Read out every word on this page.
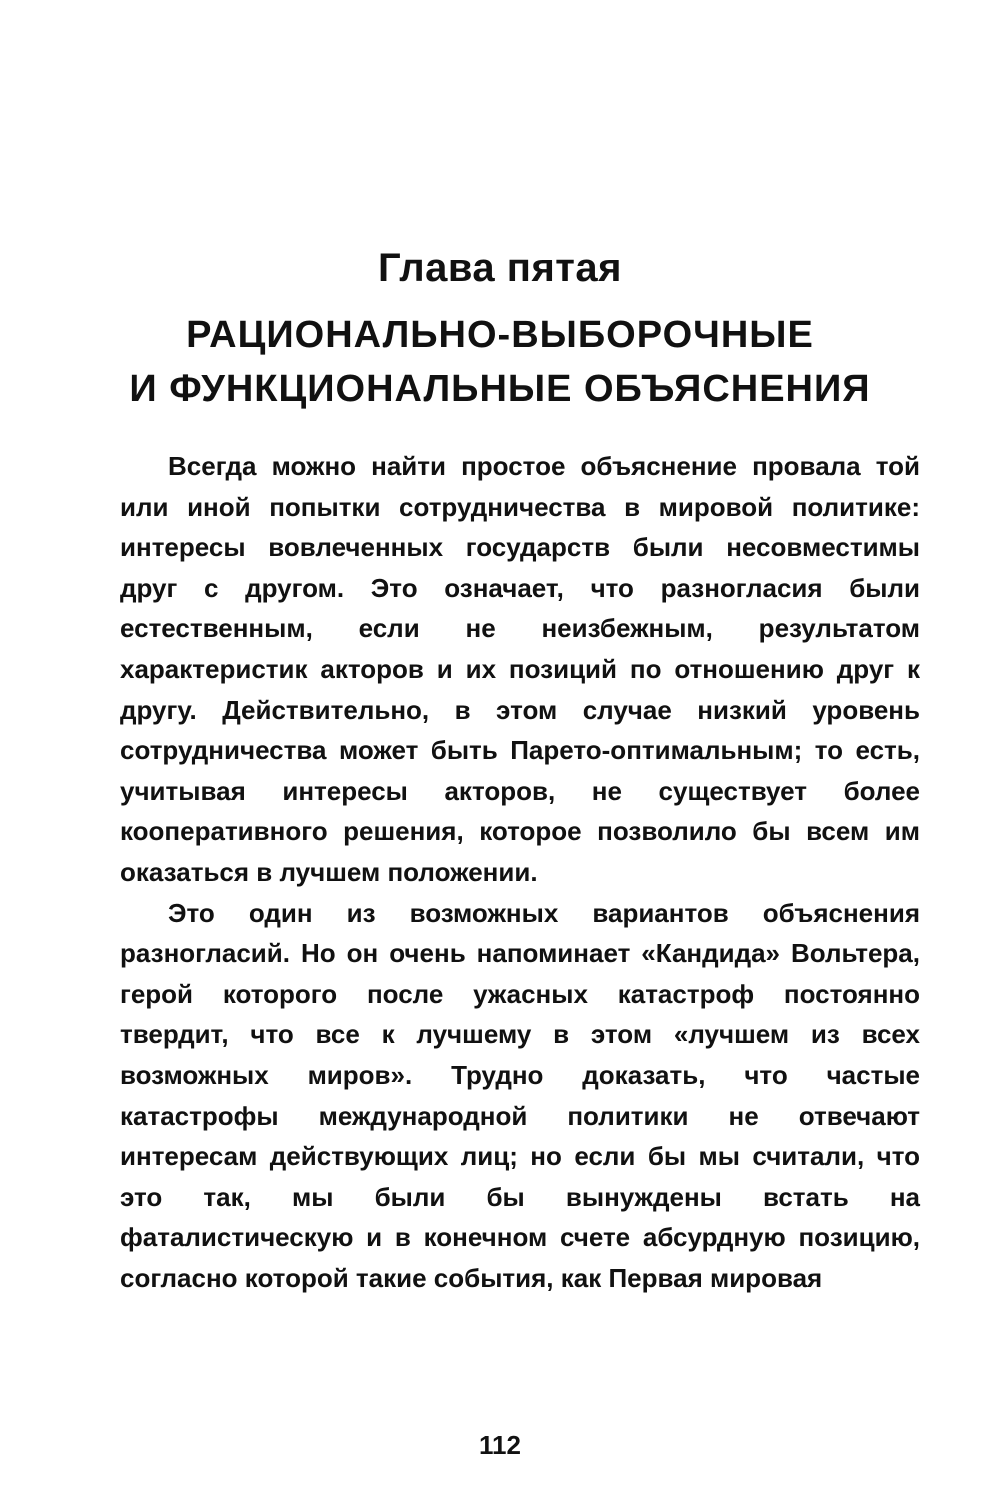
Глава пятая
РАЦИОНАЛЬНО-ВЫБОРОЧНЫЕ
И ФУНКЦИОНАЛЬНЫЕ ОБЪЯСНЕНИЯ

Всегда можно найти простое объяснение провала той или иной попытки сотрудничества в мировой политике: интересы вовлеченных государств были несовместимы друг с другом. Это означает, что разногласия были естественным, если не неизбежным, результатом характеристик акторов и их позиций по отношению друг к другу. Действительно, в этом случае низкий уровень сотрудничества может быть Парето-оптимальным; то есть, учитывая интересы акторов, не существует более кооперативного решения, которое позволило бы всем им оказаться в лучшем положении.

Это один из возможных вариантов объяснения разногласий. Но он очень напоминает «Кандида» Вольтера, герой которого после ужасных катастроф постоянно твердит, что все к лучшему в этом «лучшем из всех возможных миров». Трудно доказать, что частые катастрофы международной политики не отвечают интересам действующих лиц; но если бы мы считали, что это так, мы были бы вынуждены встать на фаталистическую и в конечном счете абсурдную позицию, согласно которой такие события, как Первая мировая

112
